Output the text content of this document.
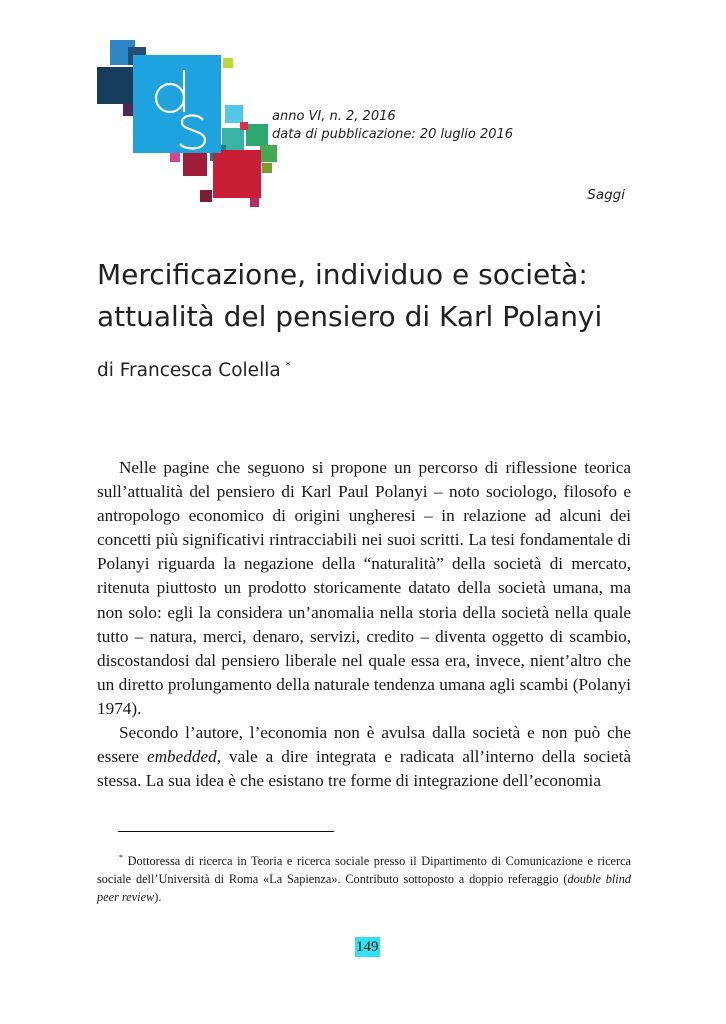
anno VI, n. 2, 2016
data di pubblicazione: 20 luglio 2016
Saggi
Mercificazione, individuo e società:
attualità del pensiero di Karl Polanyi
di Francesca Colella *

Nelle pagine che seguono si propone un percorso di riflessione teorica sull’attualità del pensiero di Karl Paul Polanyi – noto sociologo, filosofo e antropologo economico di origini ungheresi – in relazione ad alcuni dei concetti più significativi rintracciabili nei suoi scritti. La tesi fondamentale di Polanyi riguarda la negazione della “naturalità” della società di mercato, ritenuta piuttosto un prodotto storicamente datato della società umana, ma non solo: egli la considera un’anomalia nella storia della società nella quale tutto – natura, merci, denaro, servizi, credito – diventa oggetto di scambio, discostandosi dal pensiero liberale nel quale essa era, invece, nient’altro che un diretto prolungamento della naturale tendenza umana agli scambi (Polanyi 1974).

Secondo l’autore, l’economia non è avulsa dalla società e non può che essere embedded, vale a dire integrata e radicata all’interno della società stessa. La sua idea è che esistano tre forme di integrazione dell’economia

* Dottoressa di ricerca in Teoria e ricerca sociale presso il Dipartimento di Comunicazione e ricerca sociale dell’Università di Roma «La Sapienza». Contributo sottoposto a doppio referaggio (double blind peer review).

149
